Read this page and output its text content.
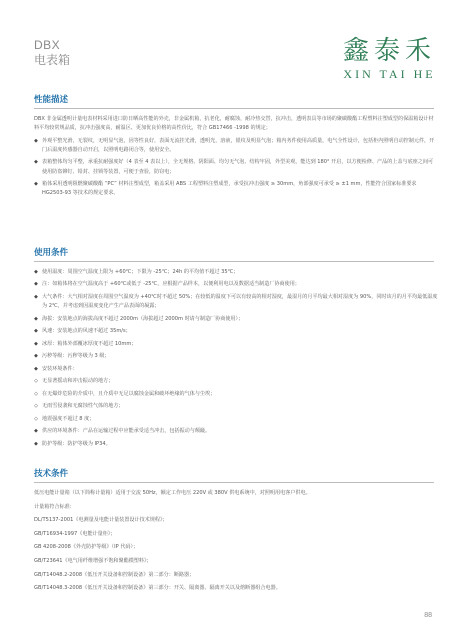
DBX
电表箱	鑫泰禾
XIN TAI HE
性能描述

DBX 非金属透明计量电表材料采用进口防日晒高性能的外壳，非金属机箱，抗老化，耐腐蚀，耐冷热交替，抗冲击，透明表具等市场的聚碳酸酯工程塑料注塑成型的保温箱设计材料平均较常规品质，抗冲击强度高，耐温区、更加优良价格的高性价比，符合 GB17466 -1998 的规定；

◆ 外观平整光滑，无裂纹，无明显气泡，因等性良好，表面无流挂光滑，透明光，溶液，银纹及明显气泡；箱内务件使用高质量，电气全性设计，包括柜内照明自动控制元件，开门后温度传感器自动开启，以照明电路闭合等，使用安全。
◆ 表箱整体均匀平整，承重抗耐强度好（4 表至 4 表以上），全无规格、阴阳面、均匀无气泡、结构牢固，外型美观，能达到 180° 开启，以方便检修、产品的上盖与底座之间可使用防盗铆钉、铅封、挂锁等装置，可便于查验，防窃电；
◆ 箱体采用透明阻燃聚碳酸酯 “PC” 材料注塑成型，箱盖采用 ABS 工程塑料注塑成型，承受抗冲击强度 ≥ 30mm，角部强度可承受 ≥ ±1 mm，性能符合国家标准要求 HG2503-93 等技术的规定要求。
使用条件
◆ 使用温度：周围空气温度上限为 +60℃；下限为 -25℃；24h 的平均值不超过 35℃；
◆ 注：如箱体将在空气温度高于 +60℃或低于 -25℃，应根据产品样本，以便利用电以及数据适当制造厂协商使用；
◆ 大气条件：大气相对湿度在周围空气温度为 +40℃时不超过 50%；在较低的温度下可以有较高的相对湿度，最湿月的月平均最大相对湿度为 90%，同时该月的月平均最低温度为 2℃，并考虑到因温度变化产生产品表面的凝露；
◆ 海拔：安装地点的海拔高度不超过 2000m（海拔超过 2000m 时请与制造厂协商使用）；
◆ 风速：安装地点的风速不超过 35m/s；
◆ 冰厚：箱体外部覆冰厚度不超过 10mm；
◆ 污秽等级：污秽等级为 3 级；
◆ 安装环境条件：
◇ 无显著摇动和冲击振动的地方；
◇ 在无爆炸危险的介质中，且介质中无足以腐蚀金属和破坏绝缘的气体与尘埃；
◇ 无雨雪侵袭和无腐蚀性气体的地方；
◇ 地震强度不超过 8 度；
◆ 供应的环境条件：产品在运输过程中应能承受适当冲击，包括振动与颠簸。
◆ 防护等级：防护等级为 IP34。
技术条件

低压电能计量箱（以下简称计量箱）适用于交流 50Hz，额定工作电压 220V 或 380V 供电系统中，对照明用电客户供电。

计量箱符合标准：

DL/T5137-2001《电测量及电能计量装置设计技术规程》；

GB/T16934-1997《电能计量柜》；

GB 4208-2008《外壳防护等级》（IP 代码）；

GB/T23641《电气用纤维增强不饱和聚酯模塑料》；

GB/T14048.2-2008《低压开关设备和控制设备》第二部分：断路器；

GB/T14048.3-2008《低压开关设备和控制设备》第三部分：开关、隔离器、隔离开关以及熔断器组合电器。

88
